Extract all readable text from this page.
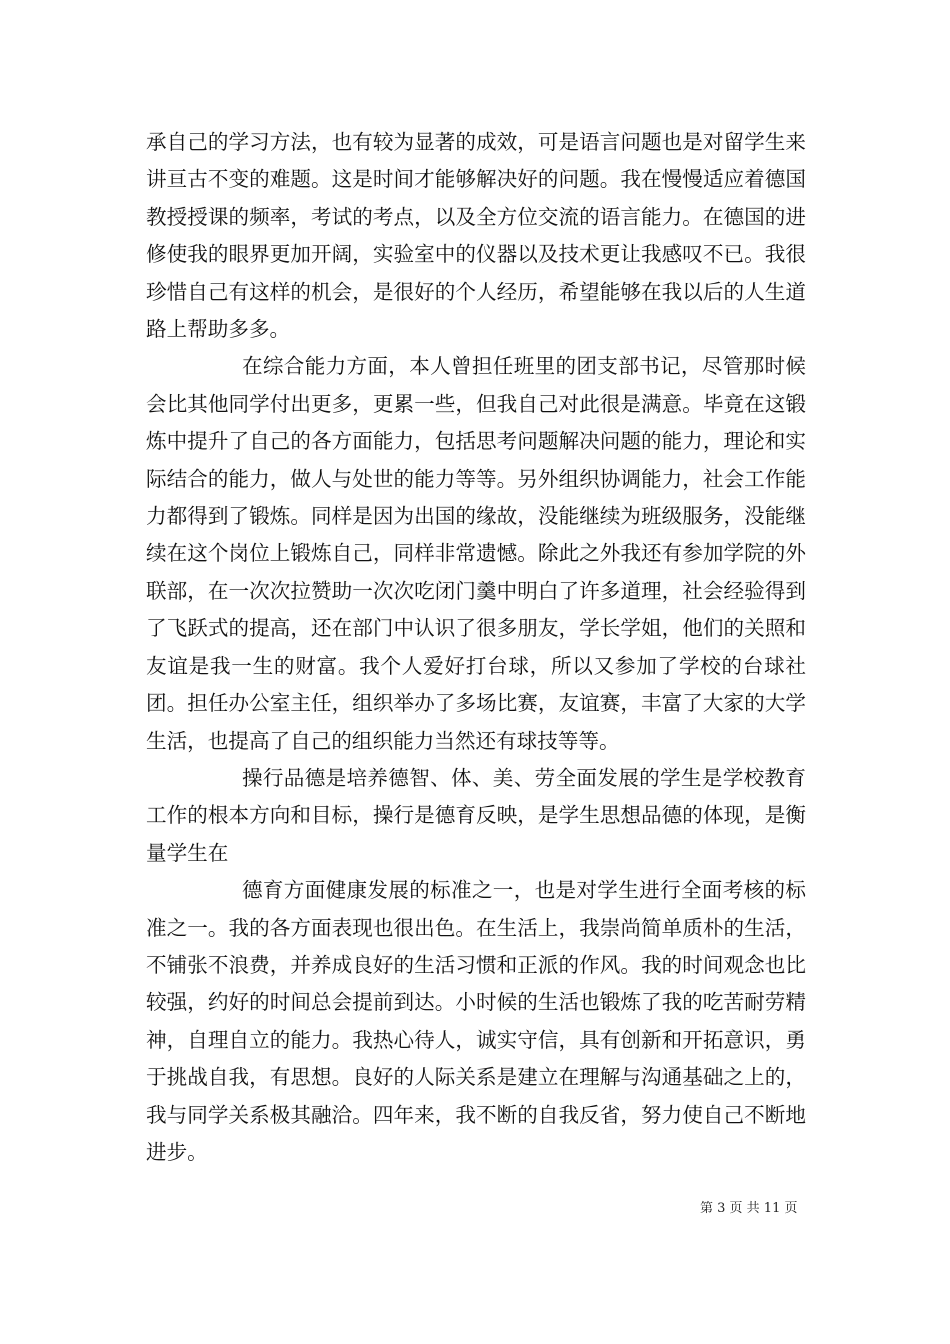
承自己的学习方法，也有较为显著的成效，可是语言问题也是对留学生来讲亘古不变的难题。这是时间才能够解决好的问题。我在慢慢适应着德国教授授课的频率，考试的考点，以及全方位交流的语言能力。在德国的进修使我的眼界更加开阔，实验室中的仪器以及技术更让我感叹不已。我很珍惜自己有这样的机会，是很好的个人经历，希望能够在我以后的人生道路上帮助多多。

在综合能力方面，本人曾担任班里的团支部书记，尽管那时候会比其他同学付出更多，更累一些，但我自己对此很是满意。毕竟在这锻炼中提升了自己的各方面能力，包括思考问题解决问题的能力，理论和实际结合的能力，做人与处世的能力等等。另外组织协调能力，社会工作能力都得到了锻炼。同样是因为出国的缘故，没能继续为班级服务，没能继续在这个岗位上锻炼自己，同样非常遗憾。除此之外我还有参加学院的外联部，在一次次拉赞助一次次吃闭门羹中明白了许多道理，社会经验得到了飞跃式的提高，还在部门中认识了很多朋友，学长学姐，他们的关照和友谊是我一生的财富。我个人爱好打台球，所以又参加了学校的台球社团。担任办公室主任，组织举办了多场比赛，友谊赛，丰富了大家的大学生活，也提高了自己的组织能力当然还有球技等等。

操行品德是培养德智、体、美、劳全面发展的学生是学校教育工作的根本方向和目标，操行是德育反映，是学生思想品德的体现，是衡量学生在

德育方面健康发展的标准之一，也是对学生进行全面考核的标准之一。我的各方面表现也很出色。在生活上，我崇尚简单质朴的生活，不铺张不浪费，并养成良好的生活习惯和正派的作风。我的时间观念也比较强，约好的时间总会提前到达。小时候的生活也锻炼了我的吃苦耐劳精神，自理自立的能力。我热心待人，诚实守信，具有创新和开拓意识，勇于挑战自我，有思想。良好的人际关系是建立在理解与沟通基础之上的，我与同学关系极其融洽。四年来，我不断的自我反省，努力使自己不断地进步。

第 3 页 共 11 页
